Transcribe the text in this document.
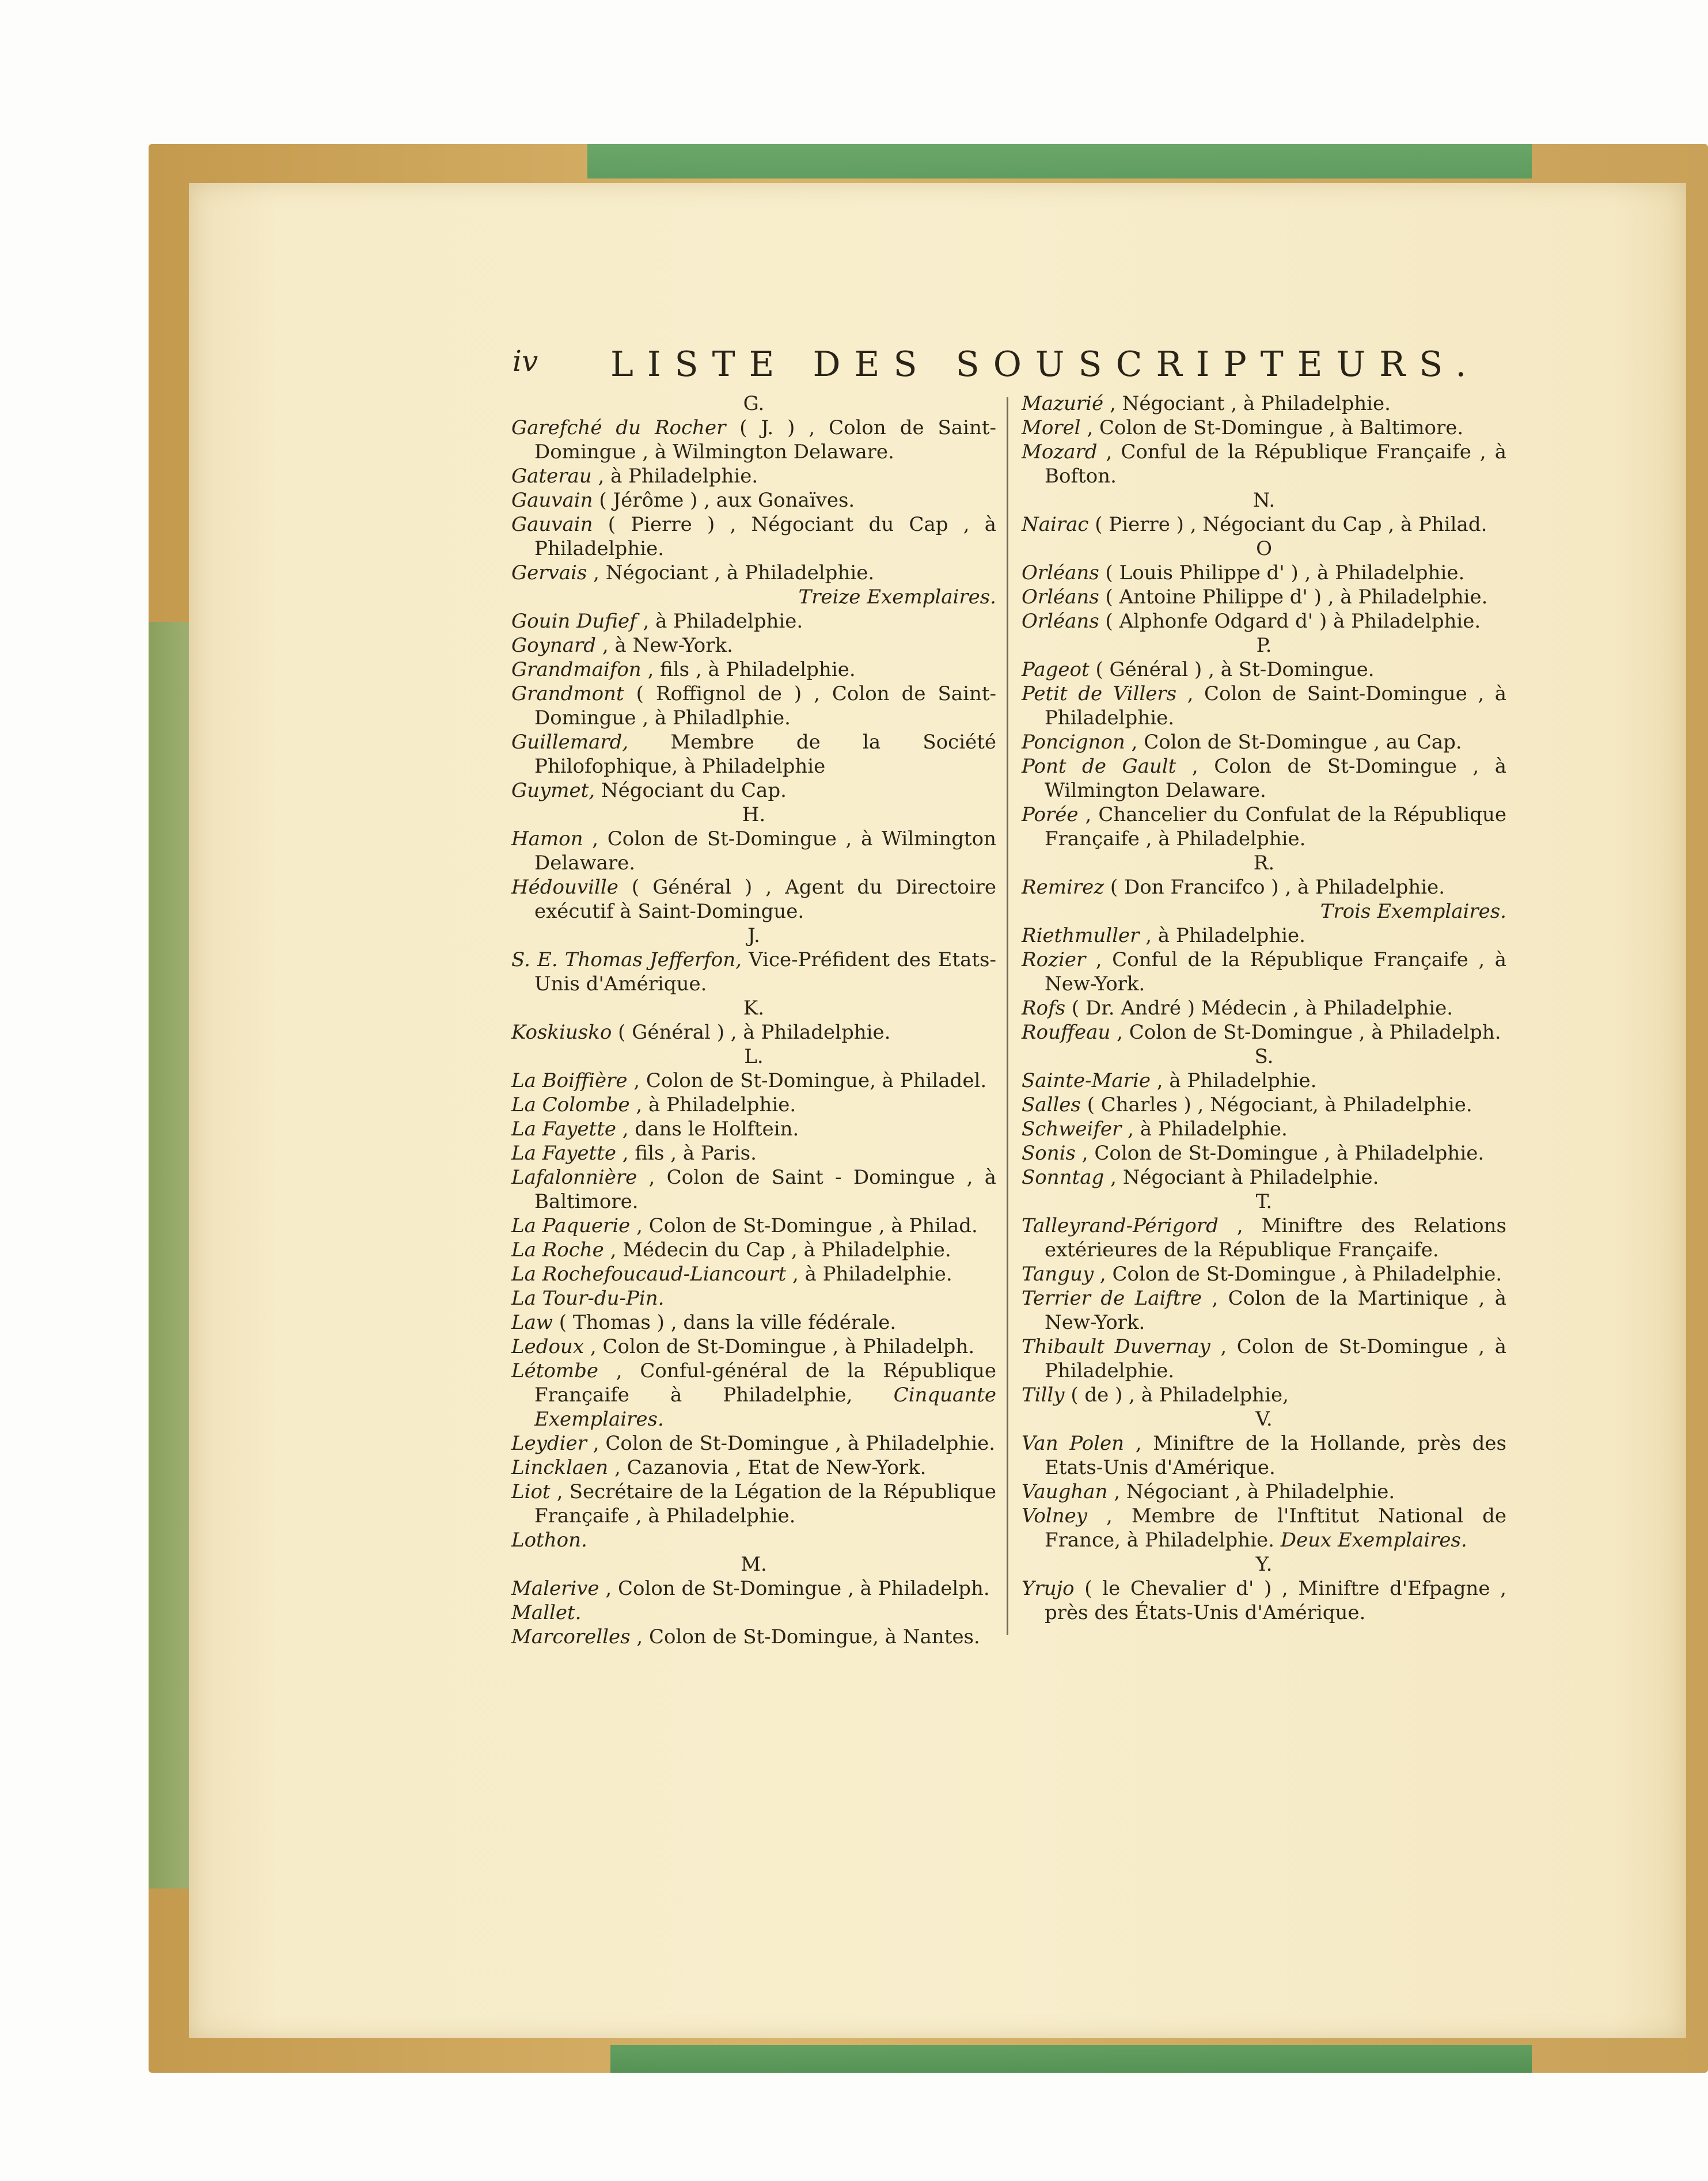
iv LISTE DES SOUSCRIPTEURS.
G.
Garefché du Rocher ( J. ) , Colon de Saint-Domingue , à Wilmington Delaware.
Gaterau , à Philadelphie.
Gauvain ( Jérôme ) , aux Gonaïves.
Gauvain ( Pierre ) , Négociant du Cap , à Philadelphie.
Gervais , Négociant , à Philadelphie.
Treize Exemplaires.
Gouin Dufief , à Philadelphie.
Goynard , à New-York.
Grandmaifon , fils , à Philadelphie.
Grandmont ( Roffignol de ) , Colon de Saint-Domingue , à Philadlphie.
Guillemard, Membre de la Société Philofophique, à Philadelphie
Guymet, Négociant du Cap.
H.
Hamon , Colon de St-Domingue , à Wilmington Delaware.
Hédouville ( Général ) , Agent du Directoire exécutif à Saint-Domingue.
J.
S. E. Thomas Jefferfon, Vice-Préfident des Etats-Unis d'Amérique.
K.
Koskiusko ( Général ) , à Philadelphie.
L.
La Boiffière , Colon de St-Domingue, à Philadel.
La Colombe , à Philadelphie.
La Fayette , dans le Holftein.
La Fayette , fils , à Paris.
Lafalonnière , Colon de Saint - Domingue , à Baltimore.
La Paquerie , Colon de St-Domingue , à Philad.
La Roche , Médecin du Cap , à Philadelphie.
La Rochefoucaud-Liancourt , à Philadelphie.
La Tour-du-Pin.
Law ( Thomas ) , dans la ville fédérale.
Ledoux , Colon de St-Domingue , à Philadelph.
Létombe , Conful-général de la République Françaife à Philadelphie, Cinquante Exemplaires.
Leydier , Colon de St-Domingue , à Philadelphie.
Lincklaen , Cazanovia , Etat de New-York.
Liot , Secrétaire de la Légation de la République Françaife , à Philadelphie.
Lothon.
M.
Malerive , Colon de St-Domingue , à Philadelph.
Mallet.
Marcorelles , Colon de St-Domingue, à Nantes.
Mazurié , Négociant , à Philadelphie.
Morel , Colon de St-Domingue , à Baltimore.
Mozard , Conful de la République Françaife , à Bofton.
N.
Nairac ( Pierre ) , Négociant du Cap , à Philad.
O
Orléans ( Louis Philippe d' ) , à Philadelphie.
Orléans ( Antoine Philippe d' ) , à Philadelphie.
Orléans ( Alphonfe Odgard d' ) à Philadelphie.
P.
Pageot ( Général ) , à St-Domingue.
Petit de Villers , Colon de Saint-Domingue , à Philadelphie.
Poncignon , Colon de St-Domingue , au Cap.
Pont de Gault , Colon de St-Domingue , à Wilmington Delaware.
Porée , Chancelier du Confulat de la République Françaife , à Philadelphie.
R.
Remirez ( Don Francifco ) , à Philadelphie.
Trois Exemplaires.
Riethmuller , à Philadelphie.
Rozier , Conful de la République Françaife , à New-York.
Rofs ( Dr. André ) Médecin , à Philadelphie.
Rouffeau , Colon de St-Domingue , à Philadelph.
S.
Sainte-Marie , à Philadelphie.
Salles ( Charles ) , Négociant, à Philadelphie.
Schweifer , à Philadelphie.
Sonis , Colon de St-Domingue , à Philadelphie.
Sonntag , Négociant à Philadelphie.
T.
Talleyrand-Périgord , Miniftre des Relations extérieures de la République Françaife.
Tanguy , Colon de St-Domingue , à Philadelphie.
Terrier de Laiftre , Colon de la Martinique , à New-York.
Thibault Duvernay , Colon de St-Domingue , à Philadelphie.
Tilly ( de ) , à Philadelphie,
V.
Van Polen , Miniftre de la Hollande, près des Etats-Unis d'Amérique.
Vaughan , Négociant , à Philadelphie.
Volney , Membre de l'Inftitut National de France, à Philadelphie. Deux Exemplaires.
Y.
Yrujo ( le Chevalier d' ) , Miniftre d'Efpagne , près des États-Unis d'Amérique.
